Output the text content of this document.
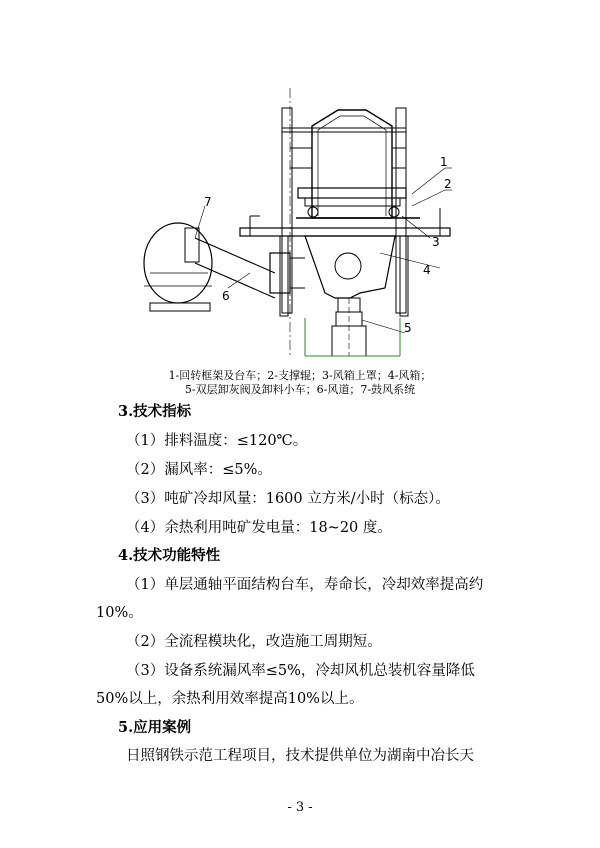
1
2
3
4
5
6
7
1-回转框架及台车；2-支撑辊；3-风箱上罩；4-风箱；
5-双层卸灰阀及卸料小车；6-风道；7-鼓风系统
3.技术指标
（1）排料温度：≤120℃。
（2）漏风率：≤5%。
（3）吨矿冷却风量：1600 立方米/小时（标态）。
（4）余热利用吨矿发电量：18~20 度。
4.技术功能特性
（1）单层通轴平面结构台车，寿命长，冷却效率提高约
10%。
（2）全流程模块化，改造施工周期短。
（3）设备系统漏风率≤5%，冷却风机总装机容量降低
50%以上，余热利用效率提高10%以上。
5.应用案例
日照钢铁示范工程项目，技术提供单位为湖南中冶长天
- 3 -
